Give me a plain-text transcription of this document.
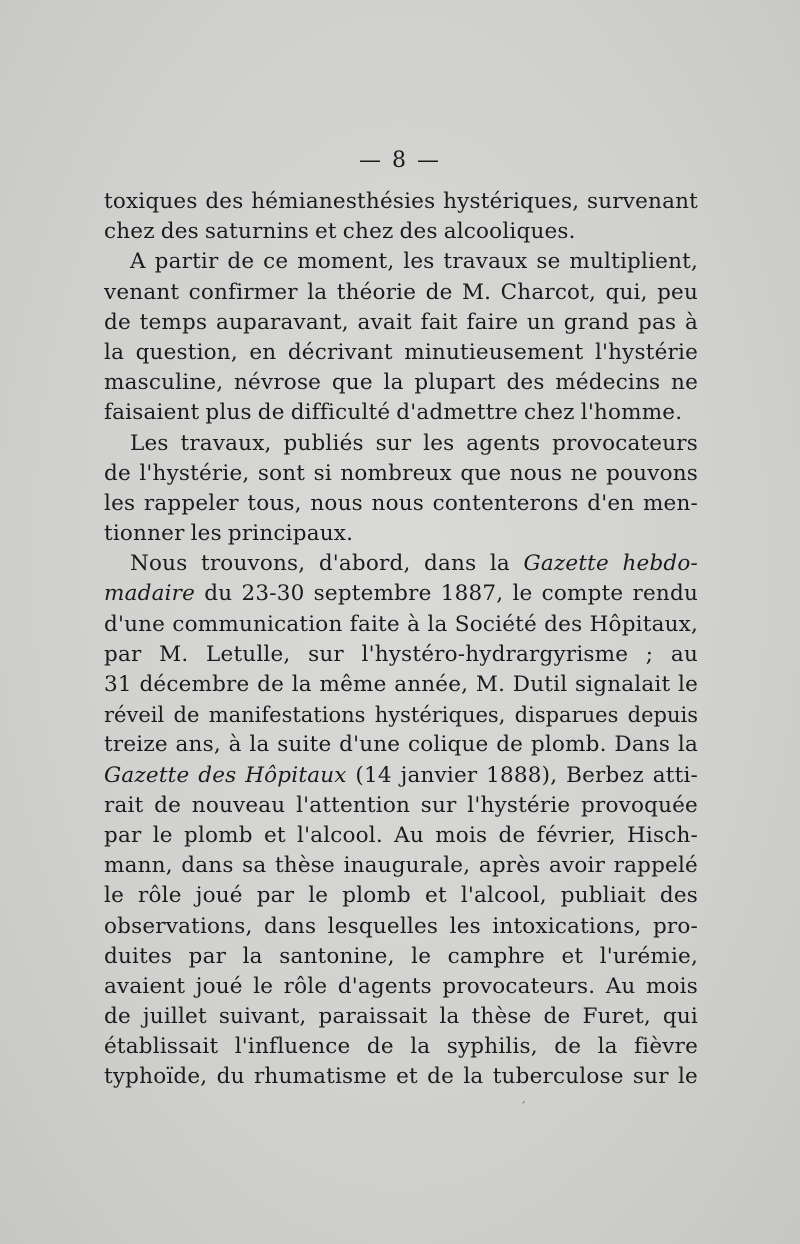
— 8 —
toxiques des hémianesthésies hystériques, survenant
chez des saturnins et chez des alcooliques.
A partir de ce moment, les travaux se multiplient,
venant confirmer la théorie de M. Charcot, qui, peu
de temps auparavant, avait fait faire un grand pas à
la question, en décrivant minutieusement l'hystérie
masculine, névrose que la plupart des médecins ne
faisaient plus de difficulté d'admettre chez l'homme.
Les travaux, publiés sur les agents provocateurs
de l'hystérie, sont si nombreux que nous ne pouvons
les rappeler tous, nous nous contenterons d'en men-
tionner les principaux.
Nous trouvons, d'abord, dans la Gazette hebdo-
madaire du 23-30 septembre 1887, le compte rendu
d'une communication faite à la Société des Hôpitaux,
par M. Letulle, sur l'hystéro-hydrargyrisme ; au
31 décembre de la même année, M. Dutil signalait le
réveil de manifestations hystériques, disparues depuis
treize ans, à la suite d'une colique de plomb. Dans la
Gazette des Hôpitaux (14 janvier 1888), Berbez atti-
rait de nouveau l'attention sur l'hystérie provoquée
par le plomb et l'alcool. Au mois de février, Hisch-
mann, dans sa thèse inaugurale, après avoir rappelé
le rôle joué par le plomb et l'alcool, publiait des
observations, dans lesquelles les intoxications, pro-
duites par la santonine, le camphre et l'urémie,
avaient joué le rôle d'agents provocateurs. Au mois
de juillet suivant, paraissait la thèse de Furet, qui
établissait l'influence de la syphilis, de la fièvre
typhoïde, du rhumatisme et de la tuberculose sur le
ˊ
